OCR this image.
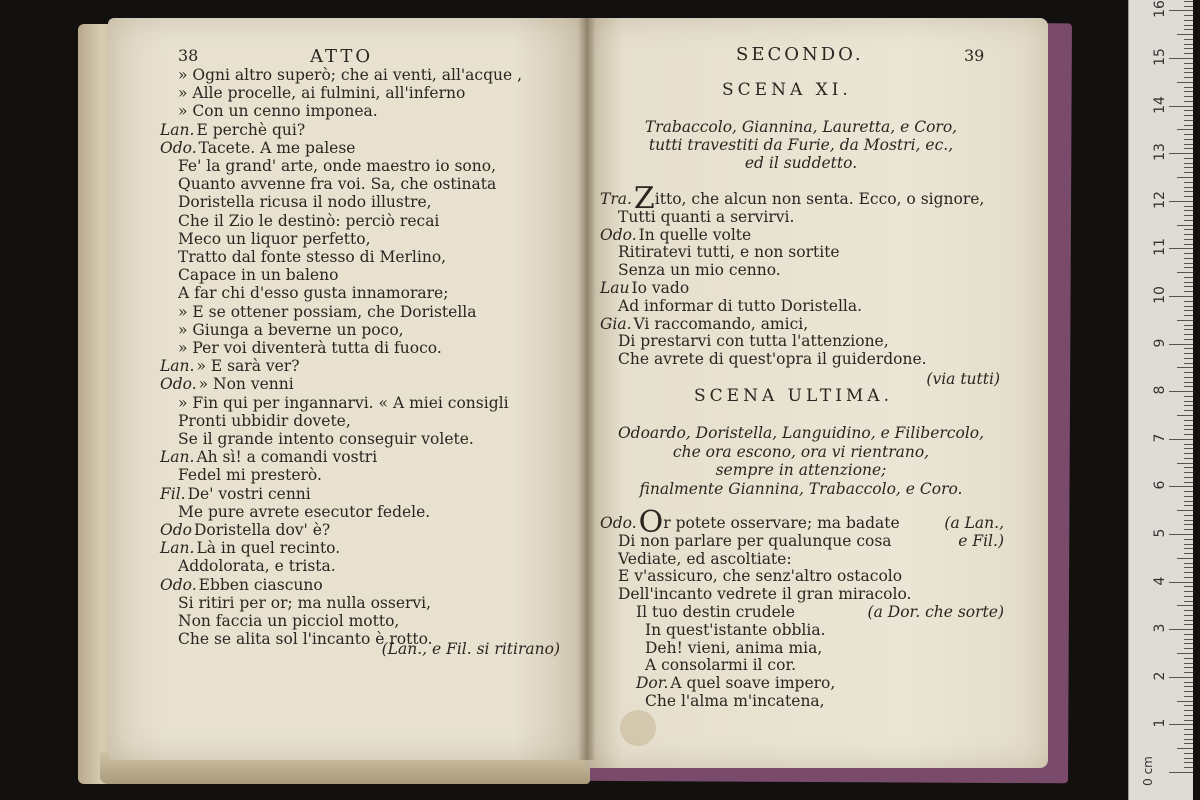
38	ATTO
» Ogni altro superò; che ai venti, all'acque ,
» Alle procelle, ai fulmini, all'inferno
» Con un cenno imponea.
Lan. E perchè qui?
Odo. Tacete. A me palese
Fe' la grand' arte, onde maestro io sono,
Quanto avvenne fra voi. Sa, che ostinata
Doristella ricusa il nodo illustre,
Che il Zio le destinò: perciò recai
Meco un liquor perfetto,
Tratto dal fonte stesso di Merlino,
Capace in un baleno
A far chi d'esso gusta innamorare;
» E se ottener possiam, che Doristella
» Giunga a beverne un poco,
» Per voi diventerà tutta di fuoco.
Lan. » E sarà ver?
Odo. » Non venni
» Fin qui per ingannarvi. « A miei consigli
Pronti ubbidir dovete,
Se il grande intento conseguir volete.
Lan. Ah sì! a comandi vostri
Fedel mi presterò.
Fil. De' vostri cenni
Me pure avrete esecutor fedele.
Odo Doristella dov' è?
Lan. Là in quel recinto.
Addolorata, e trista.
Odo. Ebben ciascuno
Si ritiri per or; ma nulla osservi,
Non faccia un picciol motto,
Che se alita sol l'incanto è rotto.
(Lan., e Fil. si ritirano)
SECONDO.	39
SCENA XI.
Trabaccolo, Giannina, Lauretta, e Coro,
tutti travestiti da Furie, da Mostri, ec.,
ed il suddetto.
Tra.Zitto, che alcun non senta. Ecco, o signore,
Tutti quanti a servirvi.
Odo. In quelle volte
Ritiratevi tutti, e non sortite
Senza un mio cenno.
Lau Io vado
Ad informar di tutto Doristella.
Gia. Vi raccomando, amici,
Di prestarvi con tutta l'attenzione,
Che avrete di quest'opra il guiderdone.
(via tutti)
SCENA ULTIMA.
Odoardo, Doristella, Languidino, e Filibercolo,
che ora escono, ora vi rientrano,
sempre in attenzione;
finalmente Giannina, Trabaccolo, e Coro.
Odo.Or potete osservare; ma badate	(a Lan.,
Di non parlare per qualunque cosa	e Fil.)
Vediate, ed ascoltiate:
E v'assicuro, che senz'altro ostacolo
Dell'incanto vedrete il gran miracolo.
Il tuo destin crudele	(a Dor. che sorte)
In quest'istante obblia.
Deh! vieni, anima mia,
A consolarmi il cor.
Dor. A quel soave impero,
Che l'alma m'incatena,
1
2
3
4
5
6
7
8
9
10
11
12
13
14
15
16
0 cm
